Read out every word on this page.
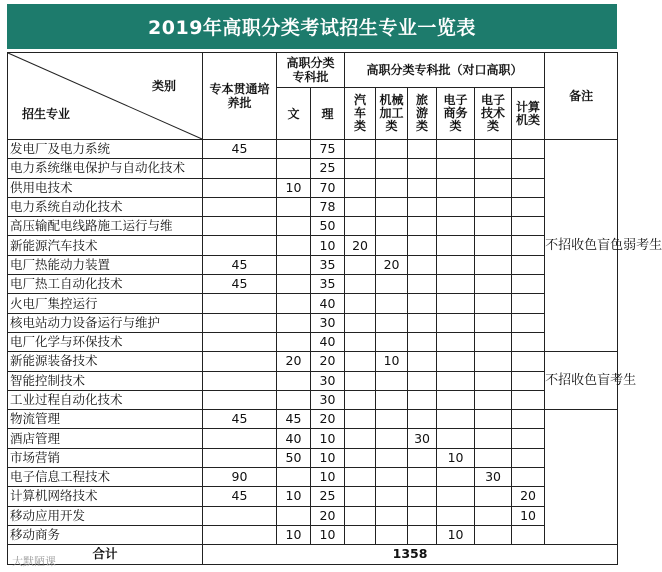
2019年高职分类考试招生专业一览表
类别
招生专业	专本贯通培养批	高职分类专科批		高职分类专科批（对口高职）						备注
		文	理	汽车类	机械加工类	旅游类	电子商务类	电子技术类	计算机类	
发电厂及电力系统	45		75							不招收色盲色弱考生
电力系统继电保护与自动化技术			25							
供用电技术		10	70							
电力系统自动化技术			78							
高压输配电线路施工运行与维			50							
新能源汽车技术			10	20						
电厂热能动力装置	45		35		20					
电厂热工自动化技术	45		35							
火电厂集控运行			40							
核电站动力设备运行与维护			30							
电厂化学与环保技术			40							
新能源装备技术		20	20		10					不招收色盲考生
智能控制技术			30							
工业过程自动化技术			30							
物流管理	45	45	20							
酒店管理		40	10			30				
市场营销		50	10				10			
电子信息工程技术	90		10					30		
计算机网络技术	45	10	25						20	
移动应用开发			20						10	
移动商务		10	10				10			
合计	1358									
大默陋课
